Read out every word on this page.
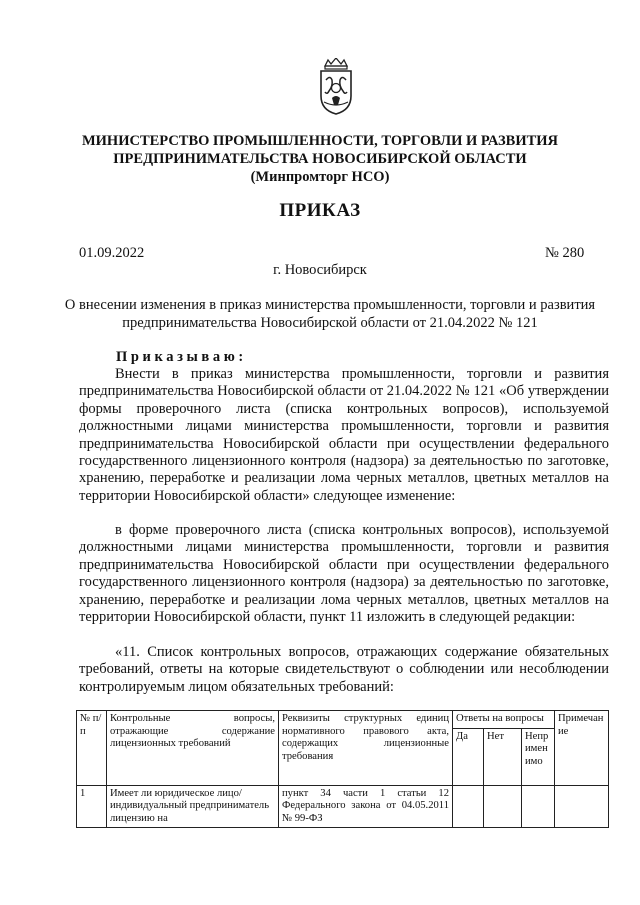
МИНИСТЕРСТВО ПРОМЫШЛЕННОСТИ, ТОРГОВЛИ И РАЗВИТИЯ
ПРЕДПРИНИМАТЕЛЬСТВА НОВОСИБИРСКОЙ ОБЛАСТИ
(Минпромторг НСО)
ПРИКАЗ
01.09.2022	№ 280
г. Новосибирск
О внесении изменения в приказ министерства промышленности, торговли и развития предпринимательства Новосибирской области от 21.04.2022 № 121
Приказываю:

Внести в приказ министерства промышленности, торговли и развития предпринимательства Новосибирской области от 21.04.2022 № 121 «Об утверждении формы проверочного листа (списка контрольных вопросов), используемой должностными лицами министерства промышленности, торговли и развития предпринимательства Новосибирской области при осуществлении федерального государственного лицензионного контроля (надзора) за деятельностью по заготовке, хранению, переработке и реализации лома черных металлов, цветных металлов на территории Новосибирской области» следующее изменение:

в форме проверочного листа (списка контрольных вопросов), используемой должностными лицами министерства промышленности, торговли и развития предпринимательства Новосибирской области при осуществлении федерального государственного лицензионного контроля (надзора) за деятельностью по заготовке, хранению, переработке и реализации лома черных металлов, цветных металлов на территории Новосибирской области, пункт 11 изложить в следующей редакции:

«11. Список контрольных вопросов, отражающих содержание обязательных требований, ответы на которые свидетельствуют о соблюдении или несоблюдении контролируемым лицом обязательных требований:

№ п/п	Контрольные вопросы, отражающие содержание лицензионных требований	Реквизиты структурных единиц нормативного правового акта, содержащих лицензионные требования	Ответы на вопросы			Примечание
			Да	Нет	Неприменимо	
1	Имеет ли юридическое лицо/индивидуальный предприниматель лицензию на	пункт 34 части 1 статьи 12 Федерального закона от 04.05.2011 № 99-ФЗ				
